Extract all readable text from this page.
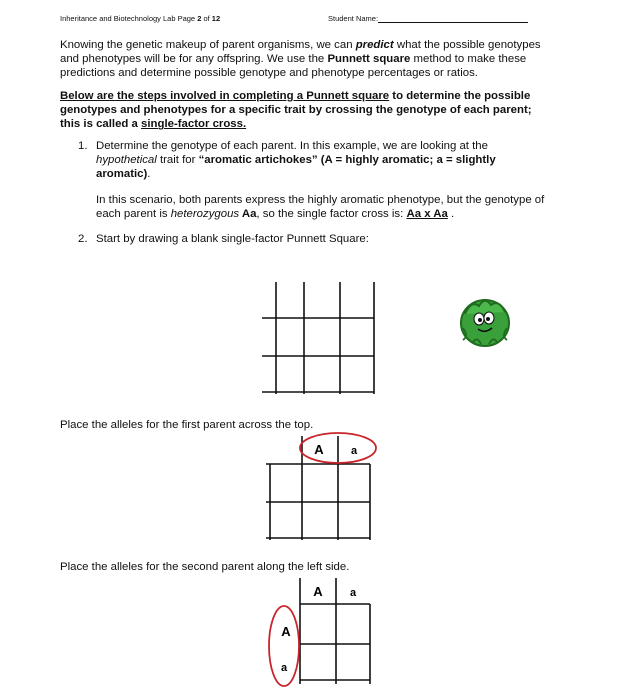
Inheritance and Biotechnology Lab Page 2 of 12	Student Name:
Knowing the genetic makeup of parent organisms, we can predict what the possible genotypes
and phenotypes will be for any offspring. We use the Punnett square method to make these
predictions and determine possible genotype and phenotype percentages or ratios.
Below are the steps involved in completing a Punnett square to determine the possible
genotypes and phenotypes for a specific trait by crossing the genotype of each parent;
this is called a single-factor cross.
1. Determine the genotype of each parent. In this example, we are looking at the
hypothetical trait for “aromatic artichokes” (A = highly aromatic; a = slightly
aromatic).
In this scenario, both parents express the highly aromatic phenotype, but the genotype of
each parent is heterozygous Aa, so the single factor cross is: Aa x Aa .
2. Start by drawing a blank single-factor Punnett Square:
Place the alleles for the first parent across the top.
A a
Place the alleles for the second parent along the left side.
A a
A
a
